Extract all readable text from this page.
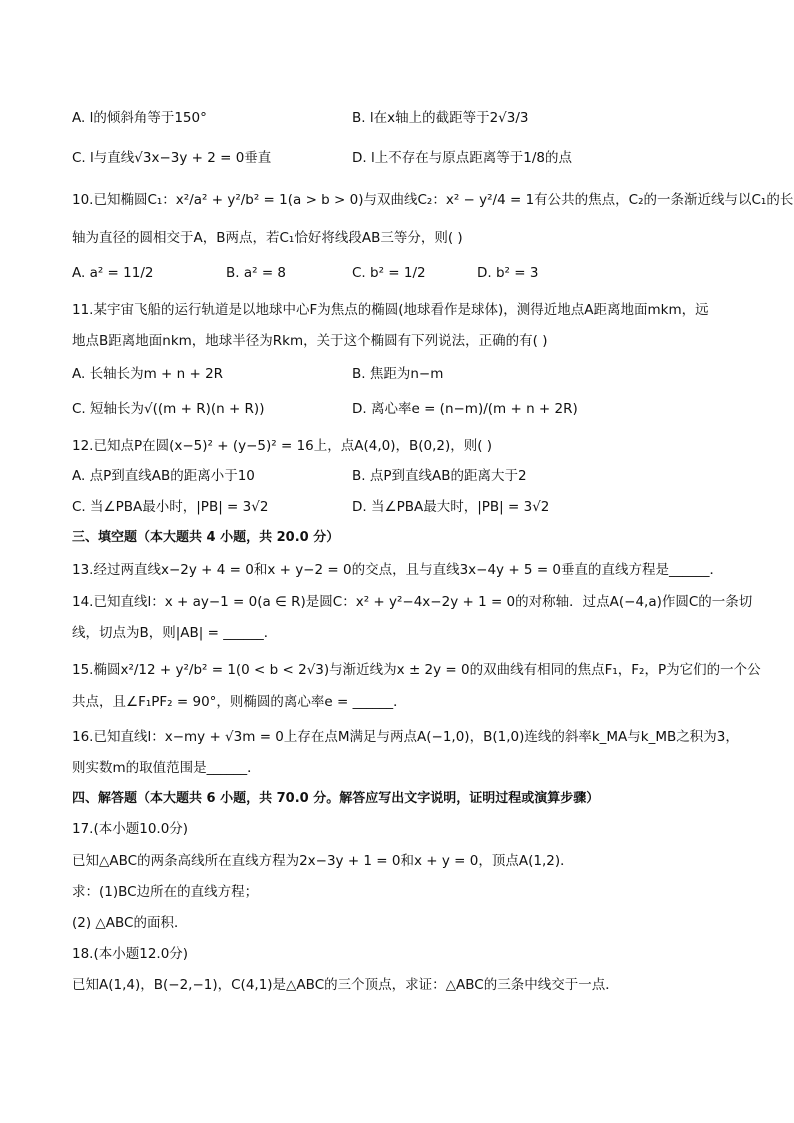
A. l的倾斜角等于150°	B. l在x轴上的截距等于2√3/3
C. l与直线√3x−3y + 2 = 0垂直	D. l上不存在与原点距离等于1/8的点
10.已知椭圆C₁：x²/a² + y²/b² = 1(a > b > 0)与双曲线C₂：x² − y²/4 = 1有公共的焦点，C₂的一条渐近线与以C₁的长
轴为直径的圆相交于A，B两点，若C₁恰好将线段AB三等分，则( )
A. a² = 11/2	B. a² = 8	C. b² = 1/2	D. b² = 3
11.某宇宙飞船的运行轨道是以地球中心F为焦点的椭圆(地球看作是球体)，测得近地点A距离地面mkm，远
地点B距离地面nkm，地球半径为Rkm，关于这个椭圆有下列说法，正确的有( )
A. 长轴长为m + n + 2R	B. 焦距为n−m
C. 短轴长为√((m + R)(n + R))	D. 离心率e = (n−m)/(m + n + 2R)
12.已知点P在圆(x−5)² + (y−5)² = 16上，点A(4,0)，B(0,2)，则( )
A. 点P到直线AB的距离小于10	B. 点P到直线AB的距离大于2
C. 当∠PBA最小时，|PB| = 3√2	D. 当∠PBA最大时，|PB| = 3√2
三、填空题（本大题共 4 小题，共 20.0 分）
13.经过两直线x−2y + 4 = 0和x + y−2 = 0的交点，且与直线3x−4y + 5 = 0垂直的直线方程是______．
14.已知直线l：x + ay−1 = 0(a ∈ R)是圆C：x² + y²−4x−2y + 1 = 0的对称轴．过点A(−4,a)作圆C的一条切
线，切点为B，则|AB| = ______．
15.椭圆x²/12 + y²/b² = 1(0 < b < 2√3)与渐近线为x ± 2y = 0的双曲线有相同的焦点F₁，F₂，P为它们的一个公
共点，且∠F₁PF₂ = 90°，则椭圆的离心率e = ______．
16.已知直线l：x−my + √3m = 0上存在点M满足与两点A(−1,0)，B(1,0)连线的斜率k_MA与k_MB之积为3，
则实数m的取值范围是______．
四、解答题（本大题共 6 小题，共 70.0 分。解答应写出文字说明，证明过程或演算步骤）
17.(本小题10.0分)
已知△ABC的两条高线所在直线方程为2x−3y + 1 = 0和x + y = 0，顶点A(1,2)．
求：(1)BC边所在的直线方程；
(2) △ABC的面积．
18.(本小题12.0分)
已知A(1,4)，B(−2,−1)，C(4,1)是△ABC的三个顶点，求证：△ABC的三条中线交于一点．
